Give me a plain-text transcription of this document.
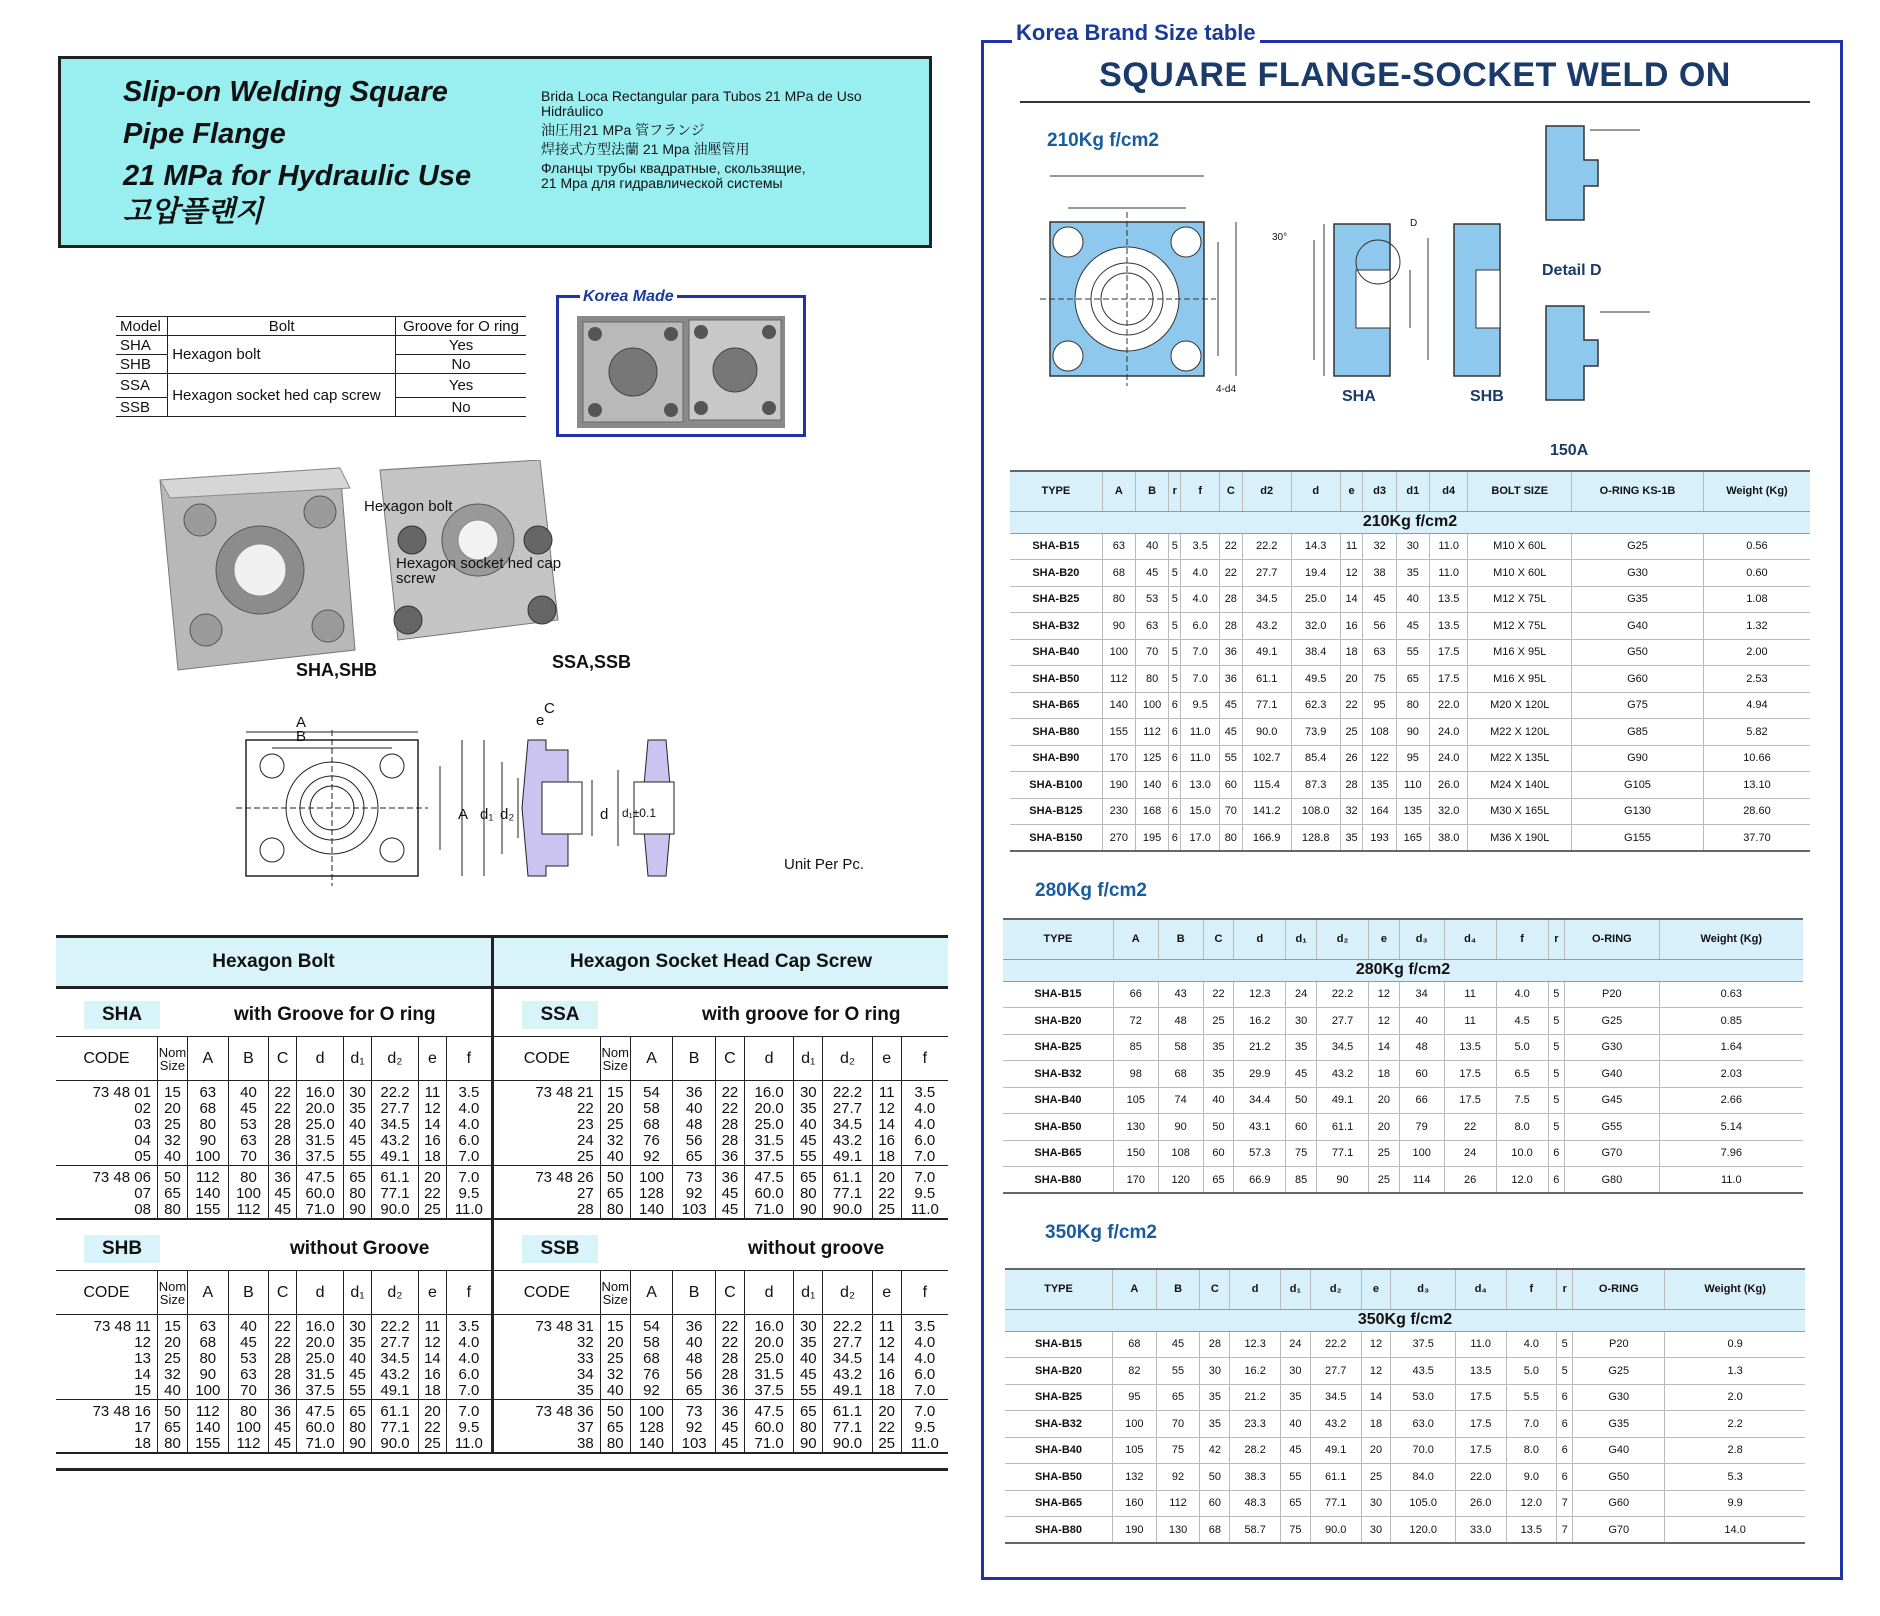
Slip-on Welding Square
Pipe Flange
21 MPa for Hydraulic Use
고압플랜지
Brida Loca Rectangular para Tubos 21 MPa de Uso Hidráulico
油圧用21 MPa 管フランジ
焊接式方型法蘭 21 Mpa 油壓管用
Фланцы трубы квадратные, скользящие,
21 Мра для гидравлической системы
Model	Bolt	Groove for O ring
SHA	Hexagon bolt	Yes
SHB		No
SSA	Hexagon socket hed cap screw	Yes
SSB		No
Korea Made
Hexagon bolt
Hexagon socket hed cap screw
SHA,SHB	SSA,SSB
A
B
C
e
A d₁ d₂	d d₁±0.1
Unit Per Pc.
Hexagon Bolt
SHA	with Groove for O ring
CODE	Nom Size	A	B	C	d	d₁	d₂	e	f
73 48 01	15	63	40	22	16.0	30	22.2	11	3.5
02	20	68	45	22	20.0	35	27.7	12	4.0
03	25	80	53	28	25.0	40	34.5	14	4.0
04	32	90	63	28	31.5	45	43.2	16	6.0
05	40	100	70	36	37.5	55	49.1	18	7.0
73 48 06	50	112	80	36	47.5	65	61.1	20	7.0
07	65	140	100	45	60.0	80	77.1	22	9.5
08	80	155	112	45	71.0	90	90.0	25	11.0
SHB	without Groove
CODE	Nom Size	A	B	C	d	d₁	d₂	e	f
73 48 11	15	63	40	22	16.0	30	22.2	11	3.5
12	20	68	45	22	20.0	35	27.7	12	4.0
13	25	80	53	28	25.0	40	34.5	14	4.0
14	32	90	63	28	31.5	45	43.2	16	6.0
15	40	100	70	36	37.5	55	49.1	18	7.0
73 48 16	50	112	80	36	47.5	65	61.1	20	7.0
17	65	140	100	45	60.0	80	77.1	22	9.5
18	80	155	112	45	71.0	90	90.0	25	11.0
Hexagon Socket Head Cap Screw
SSA	with groove for O ring
CODE	Nom Size	A	B	C	d	d₁	d₂	e	f
73 48 21	15	54	36	22	16.0	30	22.2	11	3.5
22	20	58	40	22	20.0	35	27.7	12	4.0
23	25	68	48	28	25.0	40	34.5	14	4.0
24	32	76	56	28	31.5	45	43.2	16	6.0
25	40	92	65	36	37.5	55	49.1	18	7.0
73 48 26	50	100	73	36	47.5	65	61.1	20	7.0
27	65	128	92	45	60.0	80	77.1	22	9.5
28	80	140	103	45	71.0	90	90.0	25	11.0
SSB	without groove
CODE	Nom Size	A	B	C	d	d₁	d₂	e	f
73 48 31	15	54	36	22	16.0	30	22.2	11	3.5
32	20	58	40	22	20.0	35	27.7	12	4.0
33	25	68	48	28	25.0	40	34.5	14	4.0
34	32	76	56	28	31.5	45	43.2	16	6.0
35	40	92	65	36	37.5	55	49.1	18	7.0
73 48 36	50	100	73	36	47.5	65	61.1	20	7.0
37	65	128	92	45	60.0	80	77.1	22	9.5
38	80	140	103	45	71.0	90	90.0	25	11.0
Korea Brand Size table
SQUARE FLANGE-SOCKET WELD ON
210Kg f/cm2
SHA	SHB
Detail D
150A
4-d4
D
30°
TYPE	A	B	r	f	C	d2	d	e	d3	d1	d4	BOLT SIZE	O-RING KS-1B	Weight (Kg)
210Kg f/cm2														
SHA-B15	63	40	5	3.5	22	22.2	14.3	11	32	30	11.0	M10 X 60L	G25	0.56
SHA-B20	68	45	5	4.0	22	27.7	19.4	12	38	35	11.0	M10 X 60L	G30	0.60
SHA-B25	80	53	5	4.0	28	34.5	25.0	14	45	40	13.5	M12 X 75L	G35	1.08
SHA-B32	90	63	5	6.0	28	43.2	32.0	16	56	45	13.5	M12 X 75L	G40	1.32
SHA-B40	100	70	5	7.0	36	49.1	38.4	18	63	55	17.5	M16 X 95L	G50	2.00
SHA-B50	112	80	5	7.0	36	61.1	49.5	20	75	65	17.5	M16 X 95L	G60	2.53
SHA-B65	140	100	6	9.5	45	77.1	62.3	22	95	80	22.0	M20 X 120L	G75	4.94
SHA-B80	155	112	6	11.0	45	90.0	73.9	25	108	90	24.0	M22 X 120L	G85	5.82
SHA-B90	170	125	6	11.0	55	102.7	85.4	26	122	95	24.0	M22 X 135L	G90	10.66
SHA-B100	190	140	6	13.0	60	115.4	87.3	28	135	110	26.0	M24 X 140L	G105	13.10
SHA-B125	230	168	6	15.0	70	141.2	108.0	32	164	135	32.0	M30 X 165L	G130	28.60
SHA-B150	270	195	6	17.0	80	166.9	128.8	35	193	165	38.0	M36 X 190L	G155	37.70
280Kg f/cm2
TYPE	A	B	C	d	d₁	d₂	e	d₃	d₄	f	r	O-RING	Weight (Kg)
280Kg f/cm2													
SHA-B15	66	43	22	12.3	24	22.2	12	34	11	4.0	5	P20	0.63
SHA-B20	72	48	25	16.2	30	27.7	12	40	11	4.5	5	G25	0.85
SHA-B25	85	58	35	21.2	35	34.5	14	48	13.5	5.0	5	G30	1.64
SHA-B32	98	68	35	29.9	45	43.2	18	60	17.5	6.5	5	G40	2.03
SHA-B40	105	74	40	34.4	50	49.1	20	66	17.5	7.5	5	G45	2.66
SHA-B50	130	90	50	43.1	60	61.1	20	79	22	8.0	5	G55	5.14
SHA-B65	150	108	60	57.3	75	77.1	25	100	24	10.0	6	G70	7.96
SHA-B80	170	120	65	66.9	85	90	25	114	26	12.0	6	G80	11.0
350Kg f/cm2
TYPE	A	B	C	d	d₁	d₂	e	d₃	d₄	f	r	O-RING	Weight (Kg)
350Kg f/cm2													
SHA-B15	68	45	28	12.3	24	22.2	12	37.5	11.0	4.0	5	P20	0.9
SHA-B20	82	55	30	16.2	30	27.7	12	43.5	13.5	5.0	5	G25	1.3
SHA-B25	95	65	35	21.2	35	34.5	14	53.0	17.5	5.5	6	G30	2.0
SHA-B32	100	70	35	23.3	40	43.2	18	63.0	17.5	7.0	6	G35	2.2
SHA-B40	105	75	42	28.2	45	49.1	20	70.0	17.5	8.0	6	G40	2.8
SHA-B50	132	92	50	38.3	55	61.1	25	84.0	22.0	9.0	6	G50	5.3
SHA-B65	160	112	60	48.3	65	77.1	30	105.0	26.0	12.0	7	G60	9.9
SHA-B80	190	130	68	58.7	75	90.0	30	120.0	33.0	13.5	7	G70	14.0
